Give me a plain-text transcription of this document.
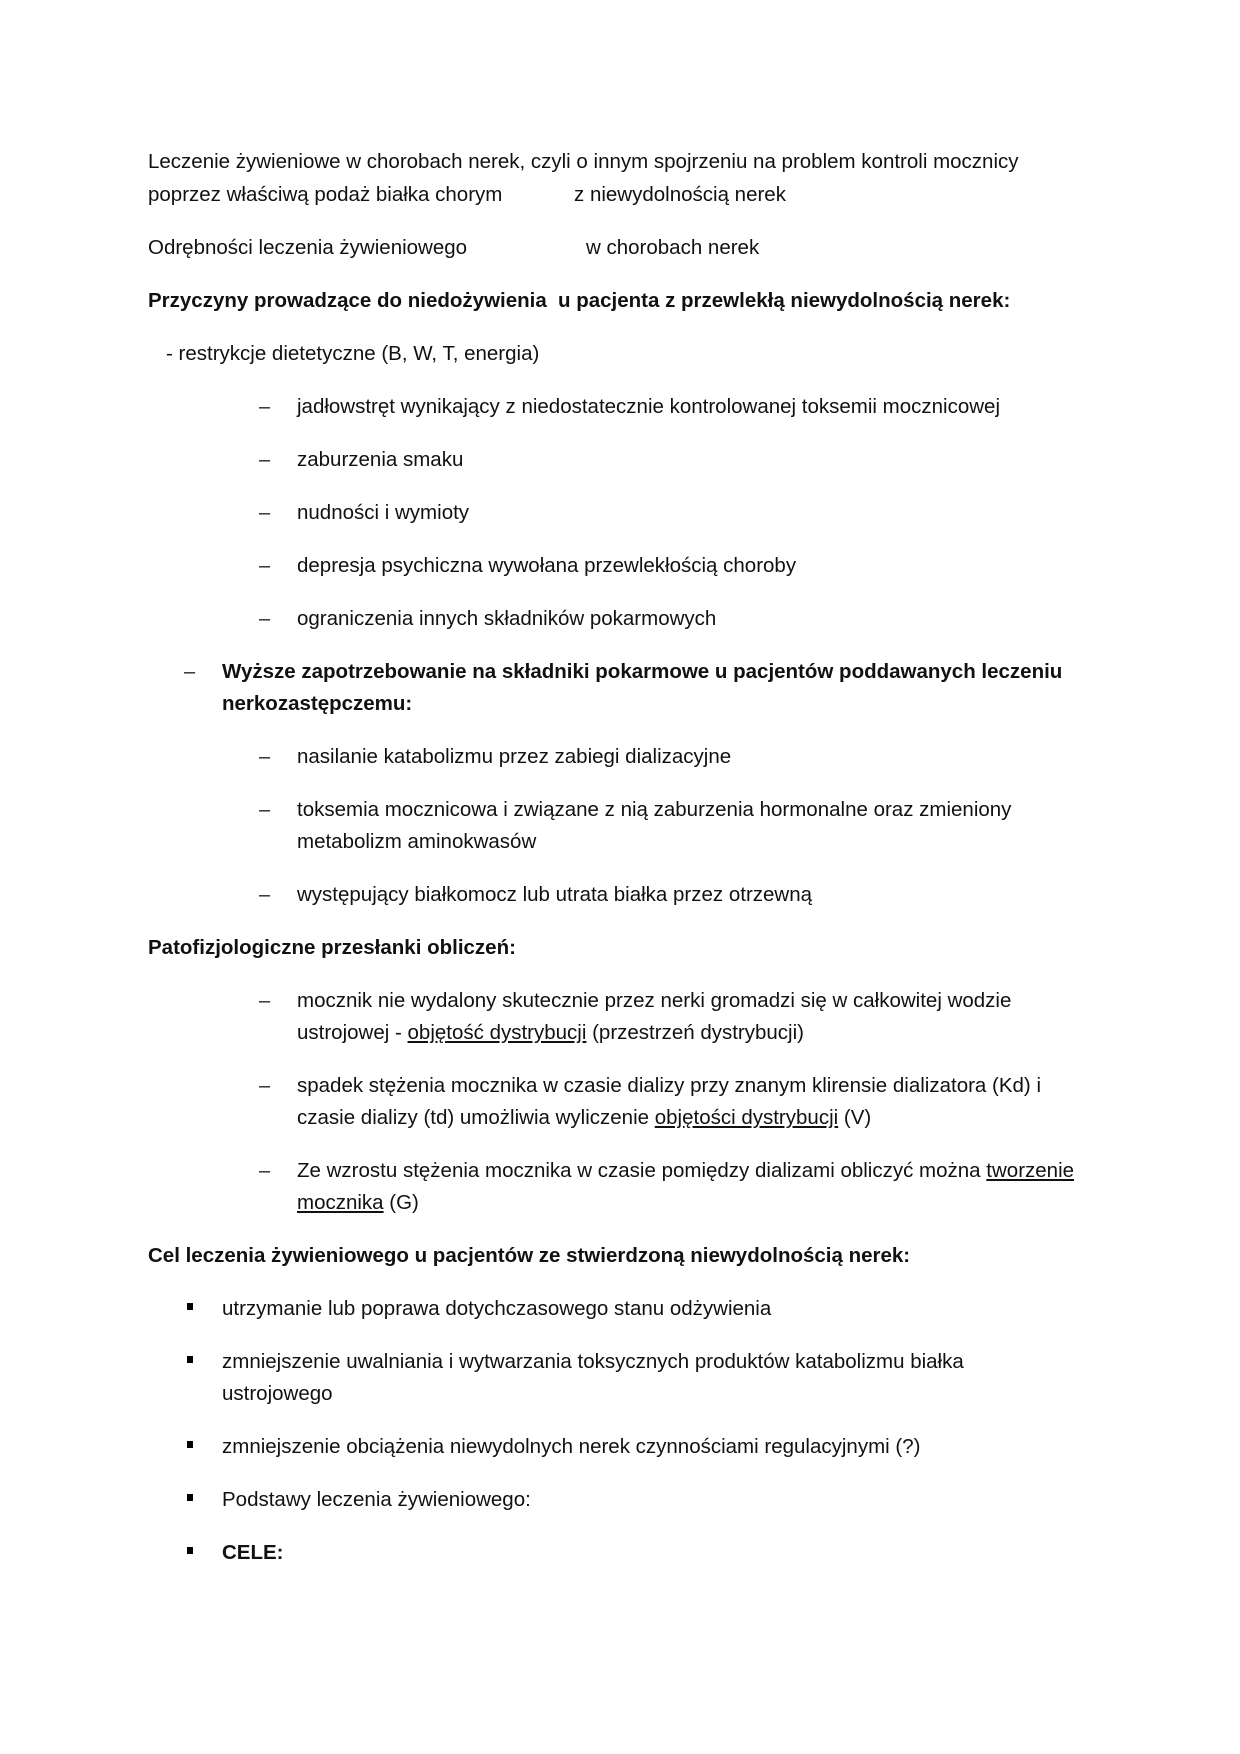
Leczenie żywieniowe w chorobach nerek, czyli o innym spojrzeniu na problem kontroli mocznicy
poprzez właściwą podaż białka chorym	z niewydolnością nerek
Odrębności leczenia żywieniowego	w chorobach nerek
Przyczyny prowadzące do niedożywienia u pacjenta z przewlekłą niewydolnością nerek:
- restrykcje dietetyczne (B, W, T, energia)
– jadłowstręt wynikający z niedostatecznie kontrolowanej toksemii mocznicowej
– zaburzenia smaku
– nudności i wymioty
– depresja psychiczna wywołana przewlekłością choroby
– ograniczenia innych składników pokarmowych
– Wyższe zapotrzebowanie na składniki pokarmowe u pacjentów poddawanych leczeniu
nerkozastępczemu:
– nasilanie katabolizmu przez zabiegi dializacyjne
– toksemia mocznicowa i związane z nią zaburzenia hormonalne oraz zmieniony
metabolizm aminokwasów
– występujący białkomocz lub utrata białka przez otrzewną
Patofizjologiczne przesłanki obliczeń:
– mocznik nie wydalony skutecznie przez nerki gromadzi się w całkowitej wodzie
ustrojowej - objętość dystrybucji (przestrzeń dystrybucji)
– spadek stężenia mocznika w czasie dializy przy znanym klirensie dializatora (Kd) i
czasie dializy (td) umożliwia wyliczenie objętości dystrybucji (V)
– Ze wzrostu stężenia mocznika w czasie pomiędzy dializami obliczyć można tworzenie
mocznika (G)
Cel leczenia żywieniowego u pacjentów ze stwierdzoną niewydolnością nerek:
utrzymanie lub poprawa dotychczasowego stanu odżywienia
zmniejszenie uwalniania i wytwarzania toksycznych produktów katabolizmu białka
ustrojowego
zmniejszenie obciążenia niewydolnych nerek czynnościami regulacyjnymi (?)
Podstawy leczenia żywieniowego:
CELE:
